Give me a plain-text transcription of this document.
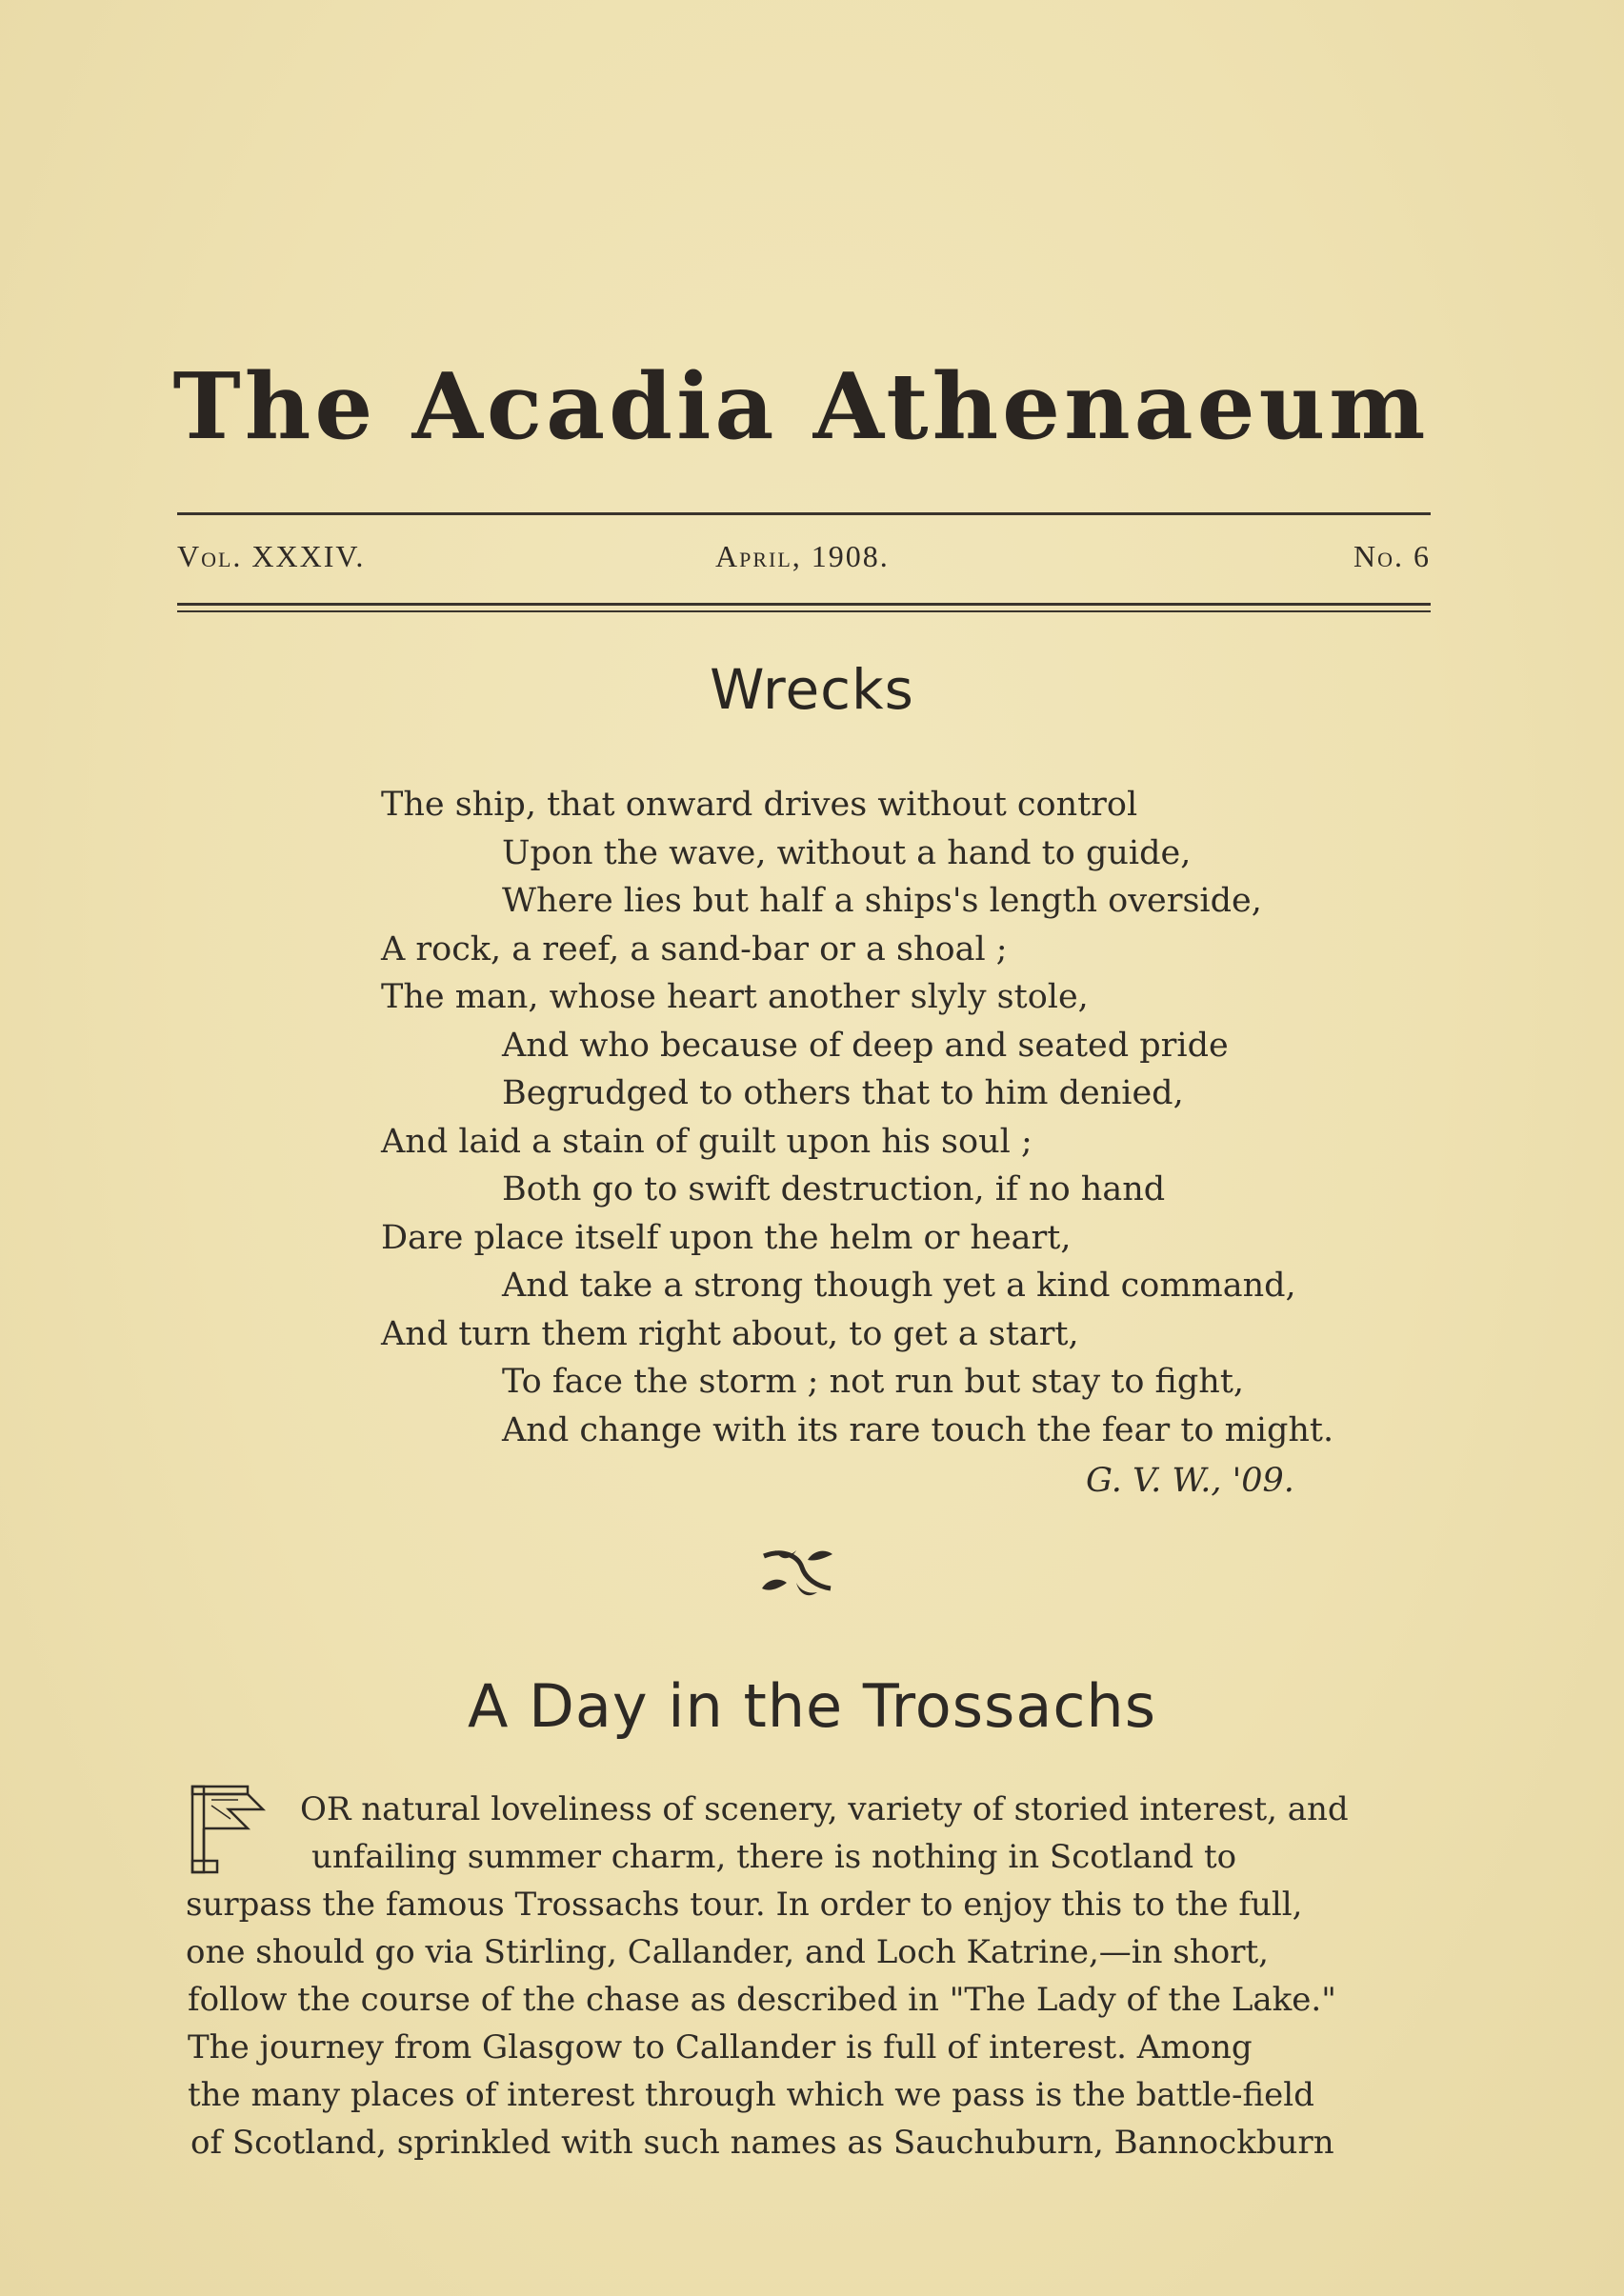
The Acadia Athenaeum
Vol. XXXIV.	April, 1908.	No. 6
Wrecks
The ship, that onward drives without control
Upon the wave, without a hand to guide,
Where lies but half a ships's length overside,
A rock, a reef, a sand-bar or a shoal ;
The man, whose heart another slyly stole,
And who because of deep and seated pride
Begrudged to others that to him denied,
And laid a stain of guilt upon his soul ;
Both go to swift destruction, if no hand
Dare place itself upon the helm or heart,
And take a strong though yet a kind command,
And turn them right about, to get a start,
To face the storm ; not run but stay to fight,
And change with its rare touch the fear to might.
G. V. W., '09.
A Day in the Trossachs
OR natural loveliness of scenery, variety of storied interest, and
unfailing summer charm, there is nothing in Scotland to
surpass the famous Trossachs tour. In order to enjoy this to the full,
one should go via Stirling, Callander, and Loch Katrine,—in short,
follow the course of the chase as described in "The Lady of the Lake."
The journey from Glasgow to Callander is full of interest. Among
the many places of interest through which we pass is the battle-field
of Scotland, sprinkled with such names as Sauchuburn, Bannockburn
